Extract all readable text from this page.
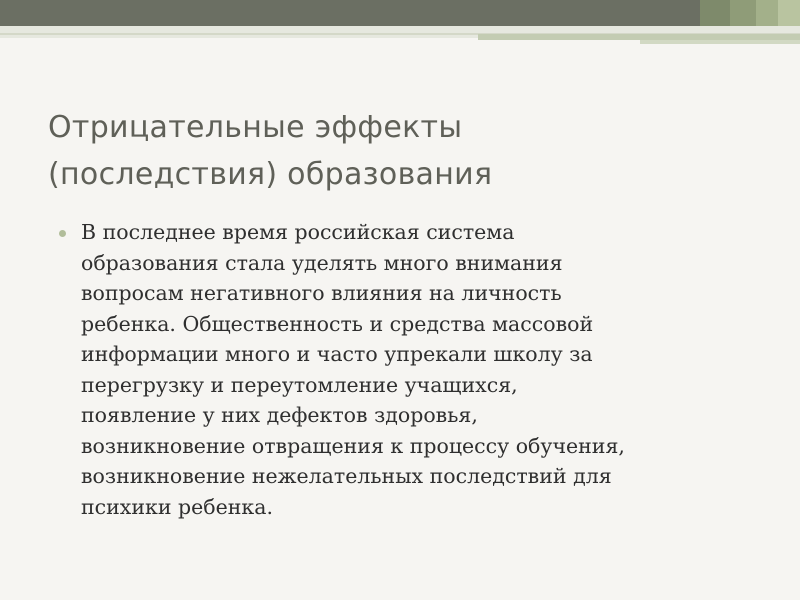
Отрицательные эффекты
(последствия) образования
В последнее время российская система
образования стала уделять много внимания
вопросам негативного влияния на личность
ребенка. Общественность и средства массовой
информации много и часто упрекали школу за
перегрузку и переутомление учащихся,
появление у них дефектов здоровья,
возникновение отвращения к процессу обучения,
возникновение нежелательных последствий для
психики ребенка.
